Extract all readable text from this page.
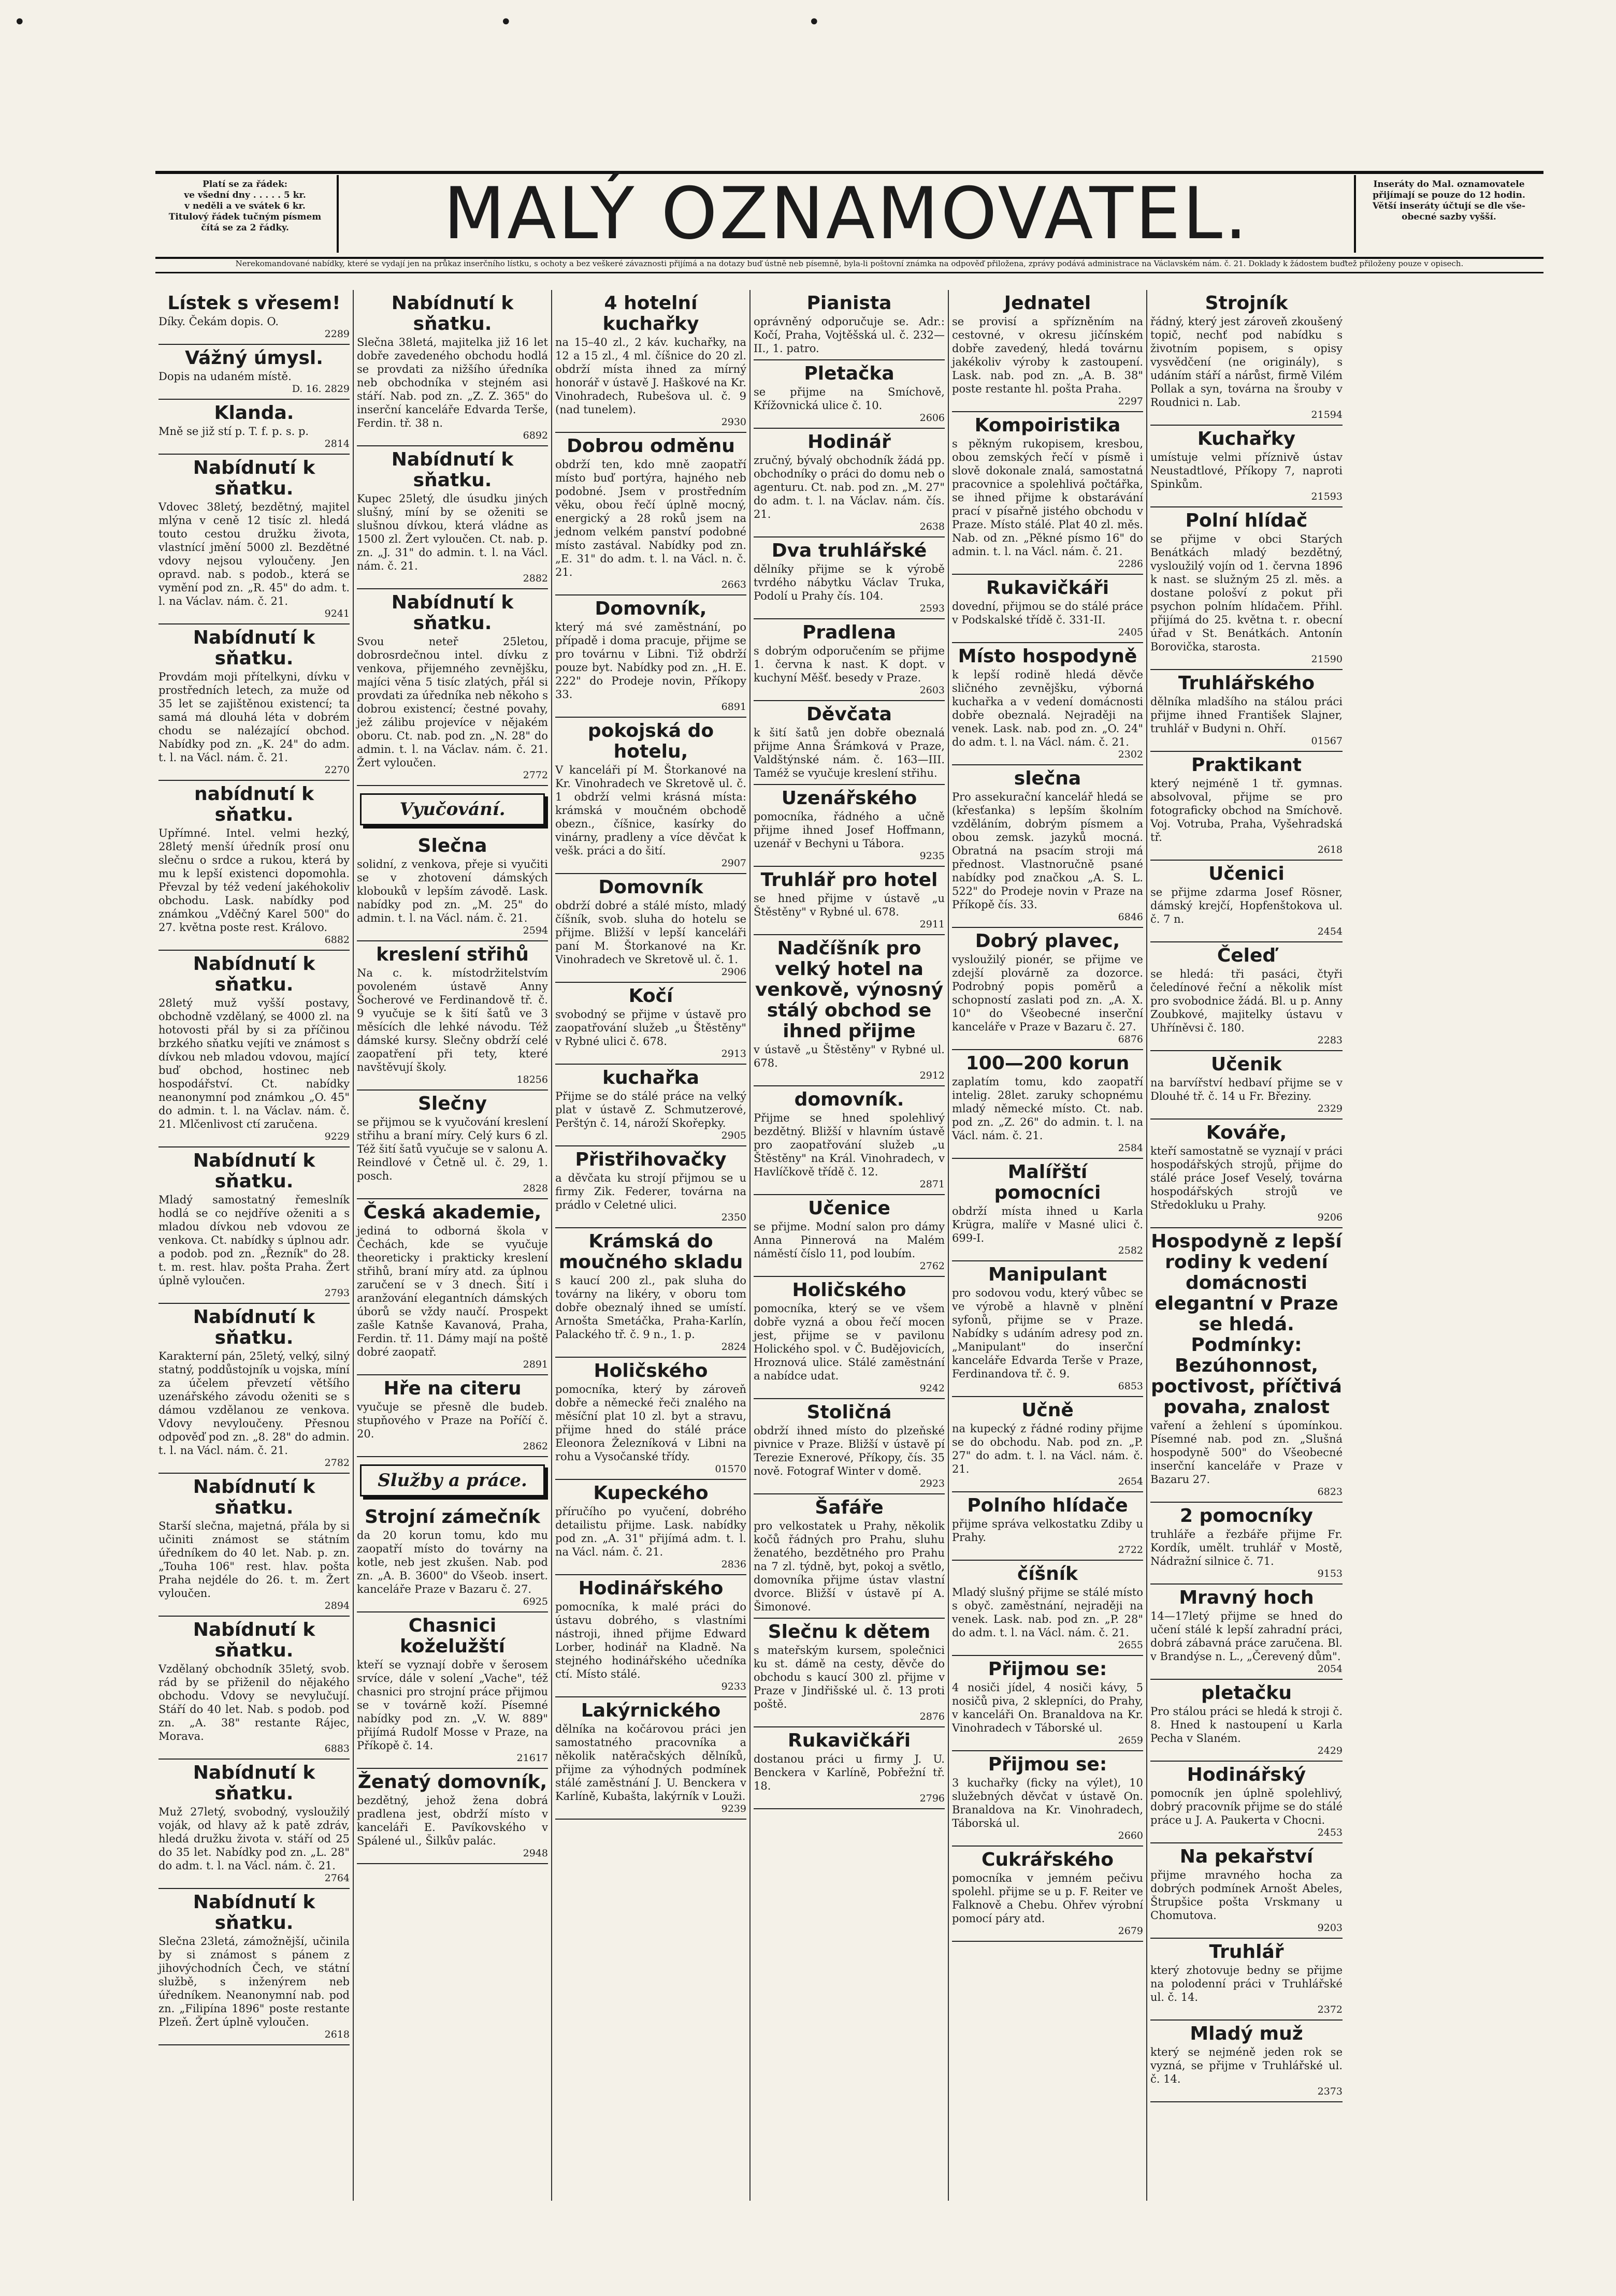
•	•	•
Platí se za řádek:
ve všední dny . . . . . 5 kr.
v neděli a ve svátek 6 kr.
Titulový řádek tučným písmem
čítá se za 2 řádky.	MALÝ OZNAMOVATEL.	Inseráty do Mal. oznamovatele
přijímají se pouze do 12 hodin.
Větší inseráty účtují se dle vše-
obecné sazby vyšší.
Nerekomandované nabídky, které se vydají jen na průkaz inserčního lístku, s ochoty a bez veškeré závaznosti přijímá a na dotazy buď ústně neb písemně, byla-li poštovní známka na odpověď přiložena, zprávy podává administrace na Václavském nám. č. 21. Doklady k žádostem buďtež přiloženy pouze v opisech.
Lístek s vřesem!

Díky. Čekám dopis. O.

2289
Vážný úmysl.

Dopis na udaném místě.

D. 16. 2829
Klanda.

Mně se již stí p. T. f. p. s. p.

2814
Nabídnutí k sňatku.

Vdovec 38letý, bezdětný, majitel mlýna v ceně 12 tisíc zl. hledá touto cestou družku života, vlastnící jmění 5000 zl. Bezdětné vdovy nejsou vyloučeny. Jen opravd. nab. s podob., která se vymění pod zn. „R. 45" do adm. t. l. na Václav. nám. č. 21.

9241
Nabídnutí k sňatku.

Provdám moji přítelkyni, dívku v prostředních letech, za muže od 35 let se zajištěnou existencí; ta samá má dlouhá léta v dobrém chodu se nalézající obchod. Nabídky pod zn. „K. 24" do adm. t. l. na Václ. nám. č. 21.

2270
nabídnutí k sňatku.

Upřímné. Intel. velmi hezký, 28letý menší úředník prosí onu slečnu o srdce a rukou, která by mu k lepší existenci dopomohla. Převzal by též vedení jakéhokoliv obchodu. Lask. nabídky pod známkou „Vděčný Karel 500" do 27. května poste rest. Královo.

6882
Nabídnutí k sňatku.

28letý muž vyšší postavy, obchodně vzdělaný, se 4000 zl. na hotovosti přál by si za příčinou brzkého sňatku vejíti ve známost s dívkou neb mladou vdovou, mající buď obchod, hostinec neb hospodářství. Ct. nabídky neanonymní pod známkou „O. 45" do admin. t. l. na Václav. nám. č. 21. Mlčenlivost ctí zaručena.

9229
Nabídnutí k sňatku.

Mladý samostatný řemeslník hodlá se co nejdříve oženiti a s mladou dívkou neb vdovou ze venkova. Ct. nabídky s úplnou adr. a podob. pod zn. „Řezník" do 28. t. m. rest. hlav. pošta Praha. Žert úplně vyloučen.

2793
Nabídnutí k sňatku.

Karakterní pán, 25letý, velký, silný statný, poddůstojník u vojska, míní za účelem převzetí většího uzenářského závodu oženiti se s dámou vzdělanou ze venkova. Vdovy nevyloučeny. Přesnou odpověď pod zn. „8. 28" do admin. t. l. na Václ. nám. č. 21.

2782
Nabídnutí k sňatku.

Starší slečna, majetná, přála by si učiniti známost se státním úředníkem do 40 let. Nab. p. zn. „Touha 106" rest. hlav. pošta Praha nejdéle do 26. t. m. Žert vyloučen.

2894
Nabídnutí k sňatku.

Vzdělaný obchodník 35letý, svob. rád by se přiženil do nějakého obchodu. Vdovy se nevylučují. Stáří do 40 let. Nab. s podob. pod zn. „A. 38" restante Rájec, Morava.

6883
Nabídnutí k sňatku.

Muž 27letý, svobodný, vysloužilý voják, od hlavy až k patě zdráv, hledá družku života v. stáří od 25 do 35 let. Nabídky pod zn. „L. 28" do adm. t. l. na Václ. nám. č. 21.

2764
Nabídnutí k sňatku.

Slečna 23letá, zámožnější, učinila by si známost s pánem z jihovýchodních Čech, ve státní službě, s inženýrem neb úředníkem. Neanonymní nab. pod zn. „Filipína 1896" poste restante Plzeň. Žert úplně vyloučen.

2618
Nabídnutí k sňatku.

Slečna 38letá, majitelka již 16 let dobře zavedeného obchodu hodlá se provdati za nižšího úředníka neb obchodníka v stejném asi stáří. Nab. pod zn. „Z. Z. 365" do inserční kanceláře Edvarda Terše, Ferdin. tř. 38 n.

6892
Nabídnutí k sňatku.

Kupec 25letý, dle úsudku jiných slušný, míní by se oženiti se slušnou dívkou, která vládne as 1500 zl. Žert vyloučen. Ct. nab. p. zn. „J. 31" do admin. t. l. na Václ. nám. č. 21.

2882
Nabídnutí k sňatku.

Svou neteř 25letou, dobrosrdečnou intel. dívku z venkova, přijemného zevnějšku, majíci věna 5 tisíc zlatých, přál si provdati za úředníka neb někoho s dobrou existencí; čestné povahy, jež zálibu projevíce v nějakém oboru. Ct. nab. pod zn. „N. 28" do admin. t. l. na Václav. nám. č. 21. Žert vyloučen.

2772
Vyučování.
Slečna

solidní, z venkova, přeje si vyučiti se v zhotovení dámských klobouků v lepším závodě. Lask. nabídky pod zn. „M. 25" do admin. t. l. na Václ. nám. č. 21.

2594
kreslení střihů

Na c. k. místodržitelstvím povoleném ústavě Anny Šocherové ve Ferdinandově tř. č. 9 vyučuje se k šití šatů ve 3 měsících dle lehké návodu. Též dámské kursy. Slečny obdrží celé zaopatření při tety, které navštěvují školy.

18256
Slečny

se přijmou se k vyučování kreslení střihu a braní míry. Celý kurs 6 zl. Též šití šatů vyučuje se v salonu A. Reindlové v Četně ul. č. 29, 1. posch.

2828
Česká akademie,

jediná to odborná škola v Čechách, kde se vyučuje theoreticky i prakticky kreslení střihů, braní míry atd. za úplnou zaručení se v 3 dnech. Šití i aranžování elegantních dámských úborů se vždy naučí. Prospekt zašle Katnše Kavanová, Praha, Ferdin. tř. 11. Dámy mají na poště dobré zaopatř.

2891
Hře na citeru

vyučuje se přesně dle budeb. stupňového v Praze na Poříčí č. 20.

2862
Služby a práce.
Strojní zámečník

da 20 korun tomu, kdo mu zaopatří místo do továrny na kotle, neb jest zkušen. Nab. pod zn. „A. B. 3600" do Všeob. insert. kanceláře Praze v Bazaru č. 27.

6925
Chasnici koželužští

kteří se vyznají dobře v šerosem srvíce, dále v solení „Vache", též chasnici pro strojní práce přijmou se v továrně koží. Písemné nabídky pod zn. „V. W. 889" přijímá Rudolf Mosse v Praze, na Příkopě č. 14.

21617
Ženatý domovník,

bezdětný, jehož žena dobrá pradlena jest, obdrží místo v kanceláři E. Pavíkovského v Spálené ul., Šilkův palác.

2948
4 hotelní kuchařky

na 15–40 zl., 2 káv. kuchařky, na 12 a 15 zl., 4 ml. číšnice do 20 zl. obdrží místa ihned za mírný honorář v ústavě J. Haškové na Kr. Vinohradech, Rubešova ul. č. 9 (nad tunelem).

2930
Dobrou odměnu

obdrží ten, kdo mně zaopatří místo buď portýra, hajného neb podobné. Jsem v prostředním věku, obou řečí úplně mocný, energický a 28 roků jsem na jednom velkém panství podobné místo zastával. Nabídky pod zn. „E. 31" do adm. t. l. na Václ. n. č. 21.

2663
Domovník,

který má své zaměstnání, po případě i doma pracuje, přijme se pro továrnu v Libni. Tiž obdrží pouze byt. Nabídky pod zn. „H. E. 222" do Prodeje novin, Příkopy 33.

6891
pokojská do hotelu,

V kanceláři pí M. Štorkanové na Kr. Vinohradech ve Skretově ul. č. 1 obdrží velmi krásná místa: krámská v moučném obchodě obezn., číšnice, kasírky do vinárny, pradleny a více děvčat k vešk. práci a do šití.

2907
Domovník

obdrží dobré a stálé místo, mladý číšník, svob. sluha do hotelu se přijme. Bližší v lepší kanceláři paní M. Štorkanové na Kr. Vinohradech ve Skretově ul. č. 1.

2906
Kočí

svobodný se přijme v ústavě pro zaopatřování služeb „u Štěstěny" v Rybné ulici č. 678.

2913
kuchařka

Přijme se do stálé práce na velký plat v ústavě Z. Schmutzerové, Perštýn č. 14, nároží Skořepky.

2905
Přistřihovačky

a děvčata ku strojí přijmou se u firmy Zik. Federer, továrna na prádlo v Celetné ulici.

2350
Krámská do moučného skladu

s kaucí 200 zl., pak sluha do továrny na likéry, v oboru tom dobře obeznalý ihned se umístí. Arnošta Smetáčka, Praha-Karlín, Palackého tř. č. 9 n., 1. p.

2824
Holičského

pomocníka, který by zároveň dobře a německé řeči znalého na měsíční plat 10 zl. byt a stravu, přijme hned do stálé práce Eleonora Železníková v Libni na rohu a Vysočanské třídy.

01570
Kupeckého

příručího po vyučení, dobrého detailistu přijme. Lask. nabídky pod zn. „A. 31" přijímá adm. t. l. na Václ. nám. č. 21.

2836
Hodinářského

pomocníka, k malé práci do ústavu dobrého, s vlastními nástroji, ihned přijme Edward Lorber, hodinář na Kladně. Na stejného hodinářského učedníka ctí. Místo stálé.

9233
Lakýrnického

dělníka na kočárovou práci jen samostatného pracovníka a několik natěračských dělníků, přijme za výhodných podmínek stálé zaměstnání J. U. Benckera v Karlíně, Kubašta, lakýrník v Louži.

9239
Pianista

oprávněný odporučuje se. Adr.: Kočí, Praha, Vojtěšská ul. č. 232—II., 1. patro.

Pletačka

se přijme na Smíchově, Křížovnická ulice č. 10.

2606
Hodinář

zručný, bývalý obchodník žádá pp. obchodníky o práci do domu neb o agenturu. Ct. nab. pod zn. „M. 27" do adm. t. l. na Václav. nám. čís. 21.

2638
Dva truhlářské

dělníky přijme se k výrobě tvrdého nábytku Václav Truka, Podolí u Prahy čís. 104.

2593
Pradlena

s dobrým odporučením se přijme 1. června k nast. K dopt. v kuchyní Měšť. besedy v Praze.

2603
Děvčata

k šití šatů jen dobře obeznalá přijme Anna Šrámková v Praze, Valdštýnské nám. č. 163—III. Taméž se vyučuje kreslení střihu.

Uzenářského

pomocníka, řádného a učně přijme ihned Josef Hoffmann, uzenář v Bechyni u Tábora.

9235
Truhlář pro hotel

se hned přijme v ústavě „u Štěstěny" v Rybné ul. 678.

2911
Nadčíšník pro velký hotel na venkově, výnosný stálý obchod se ihned přijme

v ústavě „u Štěstěny" v Rybné ul. 678.

2912
domovník.

Přijme se hned spolehlivý bezdětný. Bližší v hlavním ústavě pro zaopatřování služeb „u Štěstěny" na Král. Vinohradech, v Havlíčkově třídě č. 12.

2871
Učenice

se přijme. Modní salon pro dámy Anna Pinnerová na Malém náměstí číslo 11, pod loubím.

2762
Holičského

pomocníka, který se ve všem dobře vyzná a obou řečí mocen jest, přijme se v pavilonu Holického spol. v Č. Budějovicích, Hroznová ulice. Stálé zaměstnání a nabídce udat.

9242
Stoličná

obdrží ihned místo do plzeňské pivnice v Praze. Bližší v ústavě pí Terezie Exnerové, Příkopy, čís. 35 nově. Fotograf Winter v domě.

2923
Šafáře

pro velkostatek u Prahy, několik kočů řádných pro Prahu, sluhu ženatého, bezdětného pro Prahu na 7 zl. týdně, byt, pokoj a světlo, domovníka přijme ústav vlastní dvorce. Bližší v ústavě pí A. Šimonové.

Slečnu k dětem

s mateřským kursem, společnici ku st. dámě na cesty, děvče do obchodu s kaucí 300 zl. přijme v Praze v Jindřišské ul. č. 13 proti poště.

2876
Rukavičkáři

dostanou práci u firmy J. U. Benckera v Karlíně, Pobřežní tř. 18.

2796
Jednatel

se provisí a spřízněním na cestovné, v okresu jičínském dobře zavedený, hledá továrnu jakékoliv výroby k zastoupení. Lask. nab. pod zn. „A. B. 38" poste restante hl. pošta Praha.

2297
Kompoiristika

s pěkným rukopisem, kresbou, obou zemských řečí v písmě i slově dokonale znalá, samostatná pracovnice a spolehlivá počtářka, se ihned přijme k obstarávání prací v písařně jistého obchodu v Praze. Místo stálé. Plat 40 zl. měs. Nab. od zn. „Pěkné písmo 16" do admin. t. l. na Václ. nám. č. 21.

2286
Rukavičkáři

dovední, přijmou se do stálé práce v Podskalské třídě č. 331-II.

2405
Místo hospodyně

k lepší rodině hledá děvče sličného zevnějšku, výborná kuchařka a v vedení domácnosti dobře obeznalá. Nejraději na venek. Lask. nab. pod zn. „O. 24" do adm. t. l. na Václ. nám. č. 21.

2302
slečna

Pro assekurační kancelář hledá se (křesťanka) s lepším školním vzděláním, dobrým písmem a obou zemsk. jazyků mocná. Obratná na psacím stroji má přednost. Vlastnoručně psané nabídky pod značkou „A. S. L. 522" do Prodeje novin v Praze na Příkopě čís. 33.

6846
Dobrý plavec,

vysloužilý pionér, se přijme ve zdejší plovárně za dozorce. Podrobný popis poměrů a schopností zaslati pod zn. „A. X. 10" do Všeobecné inserční kanceláře v Praze v Bazaru č. 27.

6876
100—200 korun

zaplatím tomu, kdo zaopatří intelig. 28let. zaruky schopnému mladý německé místo. Ct. nab. pod zn. „Z. 26" do admin. t. l. na Václ. nám. č. 21.

2584
Malířští pomocníci

obdrží místa ihned u Karla Krügra, malíře v Masné ulici č. 699-I.

2582
Manipulant

pro sodovou vodu, který vůbec se ve výrobě a hlavně v plnění syfonů, přijme se v Praze. Nabídky s udáním adresy pod zn. „Manipulant" do inserční kanceláře Edvarda Terše v Praze, Ferdinandova tř. č. 9.

6853
Učně

na kupecký z řádné rodiny přijme se do obchodu. Nab. pod zn. „P. 27" do adm. t. l. na Václ. nám. č. 21.

2654
Polního hlídače

přijme správa velkostatku Zdiby u Prahy.

2722
číšník

Mladý slušný přijme se stálé místo s obyč. zaměstnání, nejraději na venek. Lask. nab. pod zn. „P. 28" do adm. t. l. na Václ. nám. č. 21.

2655
Přijmou se:

4 nosiči jídel, 4 nosiči kávy, 5 nosičů piva, 2 sklepníci, do Prahy, v kanceláři On. Branaldova na Kr. Vinohradech v Táborské ul.

2659
Přijmou se:

3 kuchařky (ficky na výlet), 10 služebných děvčat v ústavě On. Branaldova na Kr. Vinohradech, Táborská ul.

2660
Cukrářského

pomocníka v jemném pečivu spolehl. přijme se u p. F. Reiter ve Falknově a Chebu. Ohřev výrobní pomocí páry atd.

2679
Strojník

řádný, který jest zároveň zkoušený topič, nechť pod nabídku s životním popisem, s opisy vysvědčení (ne originály), s udáním stáří a nárůst, firmě Vilém Pollak a syn, továrna na šrouby v Roudnici n. Lab.

21594
Kuchařky

umístuje velmi příznivě ústav Neustadtlové, Příkopy 7, naproti Spinkům.

21593
Polní hlídač

se přijme v obci Starých Benátkách mladý bezdětný, vysloužilý vojín od 1. června 1896 k nast. se služným 25 zl. měs. a dostane pološví z pokut při psychon polním hlídačem. Přihl. přijímá do 25. května t. r. obecní úřad v St. Benátkách. Antonín Borovička, starosta.

21590
Truhlářského

dělníka mladšího na stálou práci přijme ihned František Slajner, truhlář v Budyni n. Ohří.

01567
Praktikant

který nejméně 1 tř. gymnas. absolvoval, přijme se pro fotograficky obchod na Smíchově. Voj. Votruba, Praha, Vyšehradská tř.

2618
Učenici

se přijme zdarma Josef Rösner, dámský krejčí, Hopfenštokova ul. č. 7 n.

2454
Čeleď

se hledá: tři pasáci, čtyři čeledínové řeční a několik míst pro svobodnice žádá. Bl. u p. Anny Zoubkové, majitelky ústavu v Uhříněvsi č. 180.

2283
Učenik

na barvířství hedbaví přijme se v Dlouhé tř. č. 14 u Fr. Březiny.

2329
Kováře,

kteří samostatně se vyznají v práci hospodářských strojů, přijme do stálé práce Josef Veselý, továrna hospodářských strojů ve Středokluku u Prahy.

9206
Hospodyně z lepší rodiny k vedení domácnosti elegantní v Praze se hledá. Podmínky: Bezúhonnost, poctivost, příčtivá povaha, znalost

vaření a žehlení s úpomínkou. Písemné nab. pod zn. „Slušná hospodyně 500" do Všeobecné inserční kanceláře v Praze v Bazaru 27.

6823
2 pomocníky

truhláře a řezbáře přijme Fr. Kordík, umělt. truhlář v Mostě, Nádražní silnice č. 71.

9153
Mravný hoch

14—17letý přijme se hned do učení stálé k lepší zahradní práci, dobrá zábavná práce zaručena. Bl. v Brandýse n. L., „Čerevený dům".

2054
pletačku

Pro stálou práci se hledá k stroji č. 8. Hned k nastoupení u Karla Pecha v Slaném.

2429
Hodinářský

pomocník jen úplně spolehlivý, dobrý pracovník přijme se do stálé práce u J. A. Paukerta v Chocni.

2453
Na pekařství

přijme mravného hocha za dobrých podmínek Arnošt Abeles, Štrupšice pošta Vrskmany u Chomutova.

9203
Truhlář

který zhotovuje bedny se přijme na polodenní práci v Truhlářské ul. č. 14.

2372
Mladý muž

který se nejméně jeden rok se vyzná, se přijme v Truhlářské ul. č. 14.

2373
